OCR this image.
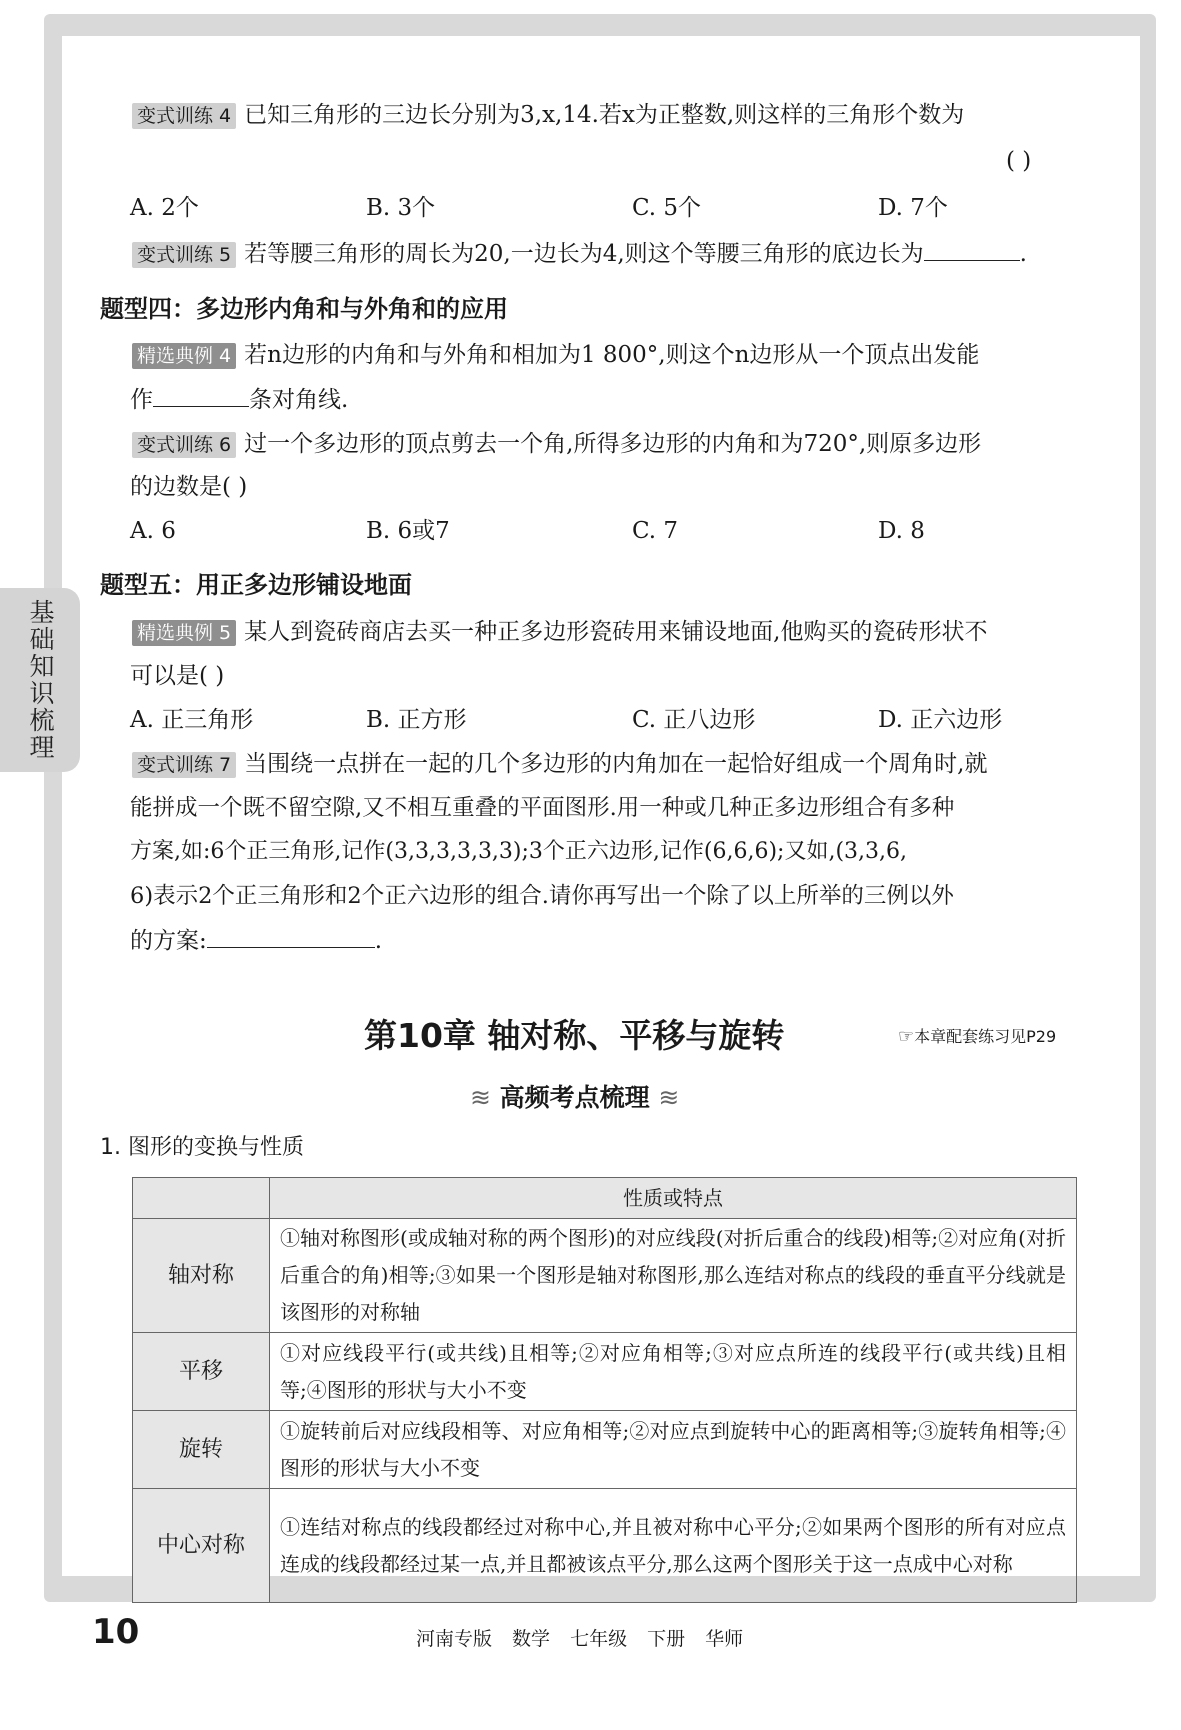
基础知识梳理
变式训练 4 已知三角形的三边长分别为3,x,14.若x为正整数,则这样的三角形个数为
( )
A. 2个	B. 3个	C. 5个	D. 7个
变式训练 5 若等腰三角形的周长为20,一边长为4,则这个等腰三角形的底边长为	.
题型四：多边形内角和与外角和的应用
精选典例 4 若n边形的内角和与外角和相加为1 800°,则这个n边形从一个顶点出发能
作	条对角线.
变式训练 6 过一个多边形的顶点剪去一个角,所得多边形的内角和为720°,则原多边形
的边数是( )
A. 6	B. 6或7	C. 7	D. 8
题型五：用正多边形铺设地面
精选典例 5 某人到瓷砖商店去买一种正多边形瓷砖用来铺设地面,他购买的瓷砖形状不
可以是( )
A. 正三角形	B. 正方形	C. 正八边形	D. 正六边形
变式训练 7 当围绕一点拼在一起的几个多边形的内角加在一起恰好组成一个周角时,就
能拼成一个既不留空隙,又不相互重叠的平面图形.用一种或几种正多边形组合有多种
方案,如:6个正三角形,记作(3,3,3,3,3,3);3个正六边形,记作(6,6,6);又如,(3,3,6,
6)表示2个正三角形和2个正六边形的组合.请你再写出一个除了以上所举的三例以外
的方案:	.
第10章 轴对称、平移与旋转	☞本章配套练习见P29
≋ 高频考点梳理 ≋
1. 图形的变换与性质
	性质或特点
轴对称	①轴对称图形(或成轴对称的两个图形)的对应线段(对折后重合的线段)相等;②对应角(对折后重合的角)相等;③如果一个图形是轴对称图形,那么连结对称点的线段的垂直平分线就是该图形的对称轴
平移	①对应线段平行(或共线)且相等;②对应角相等;③对应点所连的线段平行(或共线)且相等;④图形的形状与大小不变
旋转	①旋转前后对应线段相等、对应角相等;②对应点到旋转中心的距离相等;③旋转角相等;④图形的形状与大小不变
中心对称	①连结对称点的线段都经过对称中心,并且被对称中心平分;②如果两个图形的所有对应点连成的线段都经过某一点,并且都被该点平分,那么这两个图形关于这一点成中心对称
10	河南专版 数学 七年级 下册 华师
